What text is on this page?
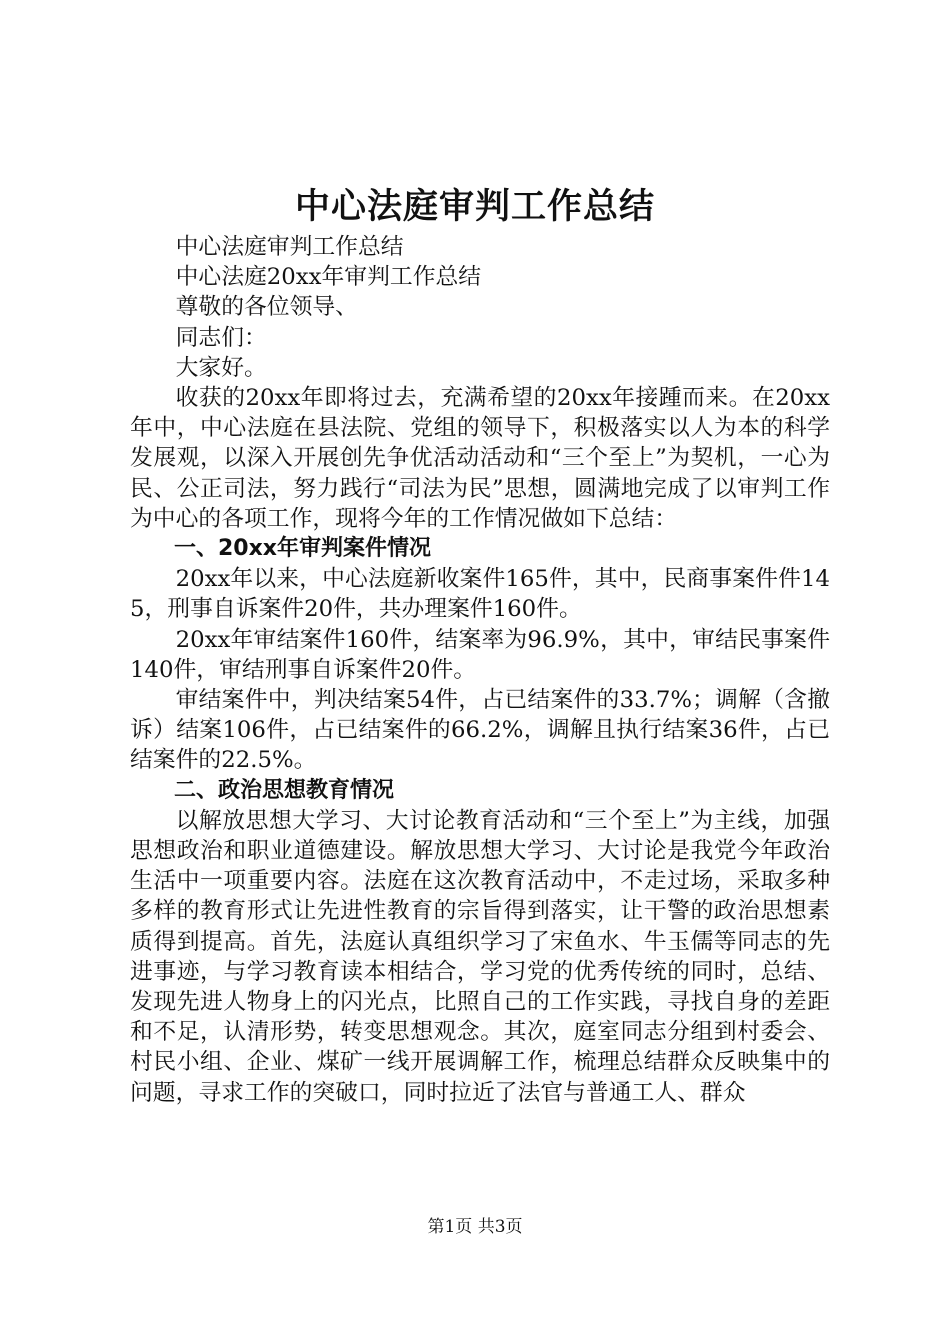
中心法庭审判工作总结

中心法庭审判工作总结

中心法庭20xx年审判工作总结

尊敬的各位领导、

同志们：

大家好。

收获的20xx年即将过去，充满希望的20xx年接踵而来。在20xx年中，中心法庭在县法院、党组的领导下，积极落实以人为本的科学发展观，以深入开展创先争优活动活动和“三个至上”为契机，一心为民、公正司法，努力践行“司法为民”思想，圆满地完成了以审判工作为中心的各项工作，现将今年的工作情况做如下总结：

一、20xx年审判案件情况

20xx年以来，中心法庭新收案件165件，其中，民商事案件件145，刑事自诉案件20件，共办理案件160件。

20xx年审结案件160件，结案率为96.9%，其中，审结民事案件140件，审结刑事自诉案件20件。

审结案件中，判决结案54件，占已结案件的33.7%；调解（含撤诉）结案106件，占已结案件的66.2%，调解且执行结案36件，占已结案件的22.5%。

二、政治思想教育情况

以解放思想大学习、大讨论教育活动和“三个至上”为主线，加强思想政治和职业道德建设。解放思想大学习、大讨论是我党今年政治生活中一项重要内容。法庭在这次教育活动中，不走过场，采取多种多样的教育形式让先进性教育的宗旨得到落实，让干警的政治思想素质得到提高。首先，法庭认真组织学习了宋鱼水、牛玉儒等同志的先进事迹，与学习教育读本相结合，学习党的优秀传统的同时，总结、发现先进人物身上的闪光点，比照自己的工作实践，寻找自身的差距和不足，认清形势，转变思想观念。其次，庭室同志分组到村委会、村民小组、企业、煤矿一线开展调解工作，梳理总结群众反映集中的问题，寻求工作的突破口，同时拉近了法官与普通工人、群众

第1页 共3页
